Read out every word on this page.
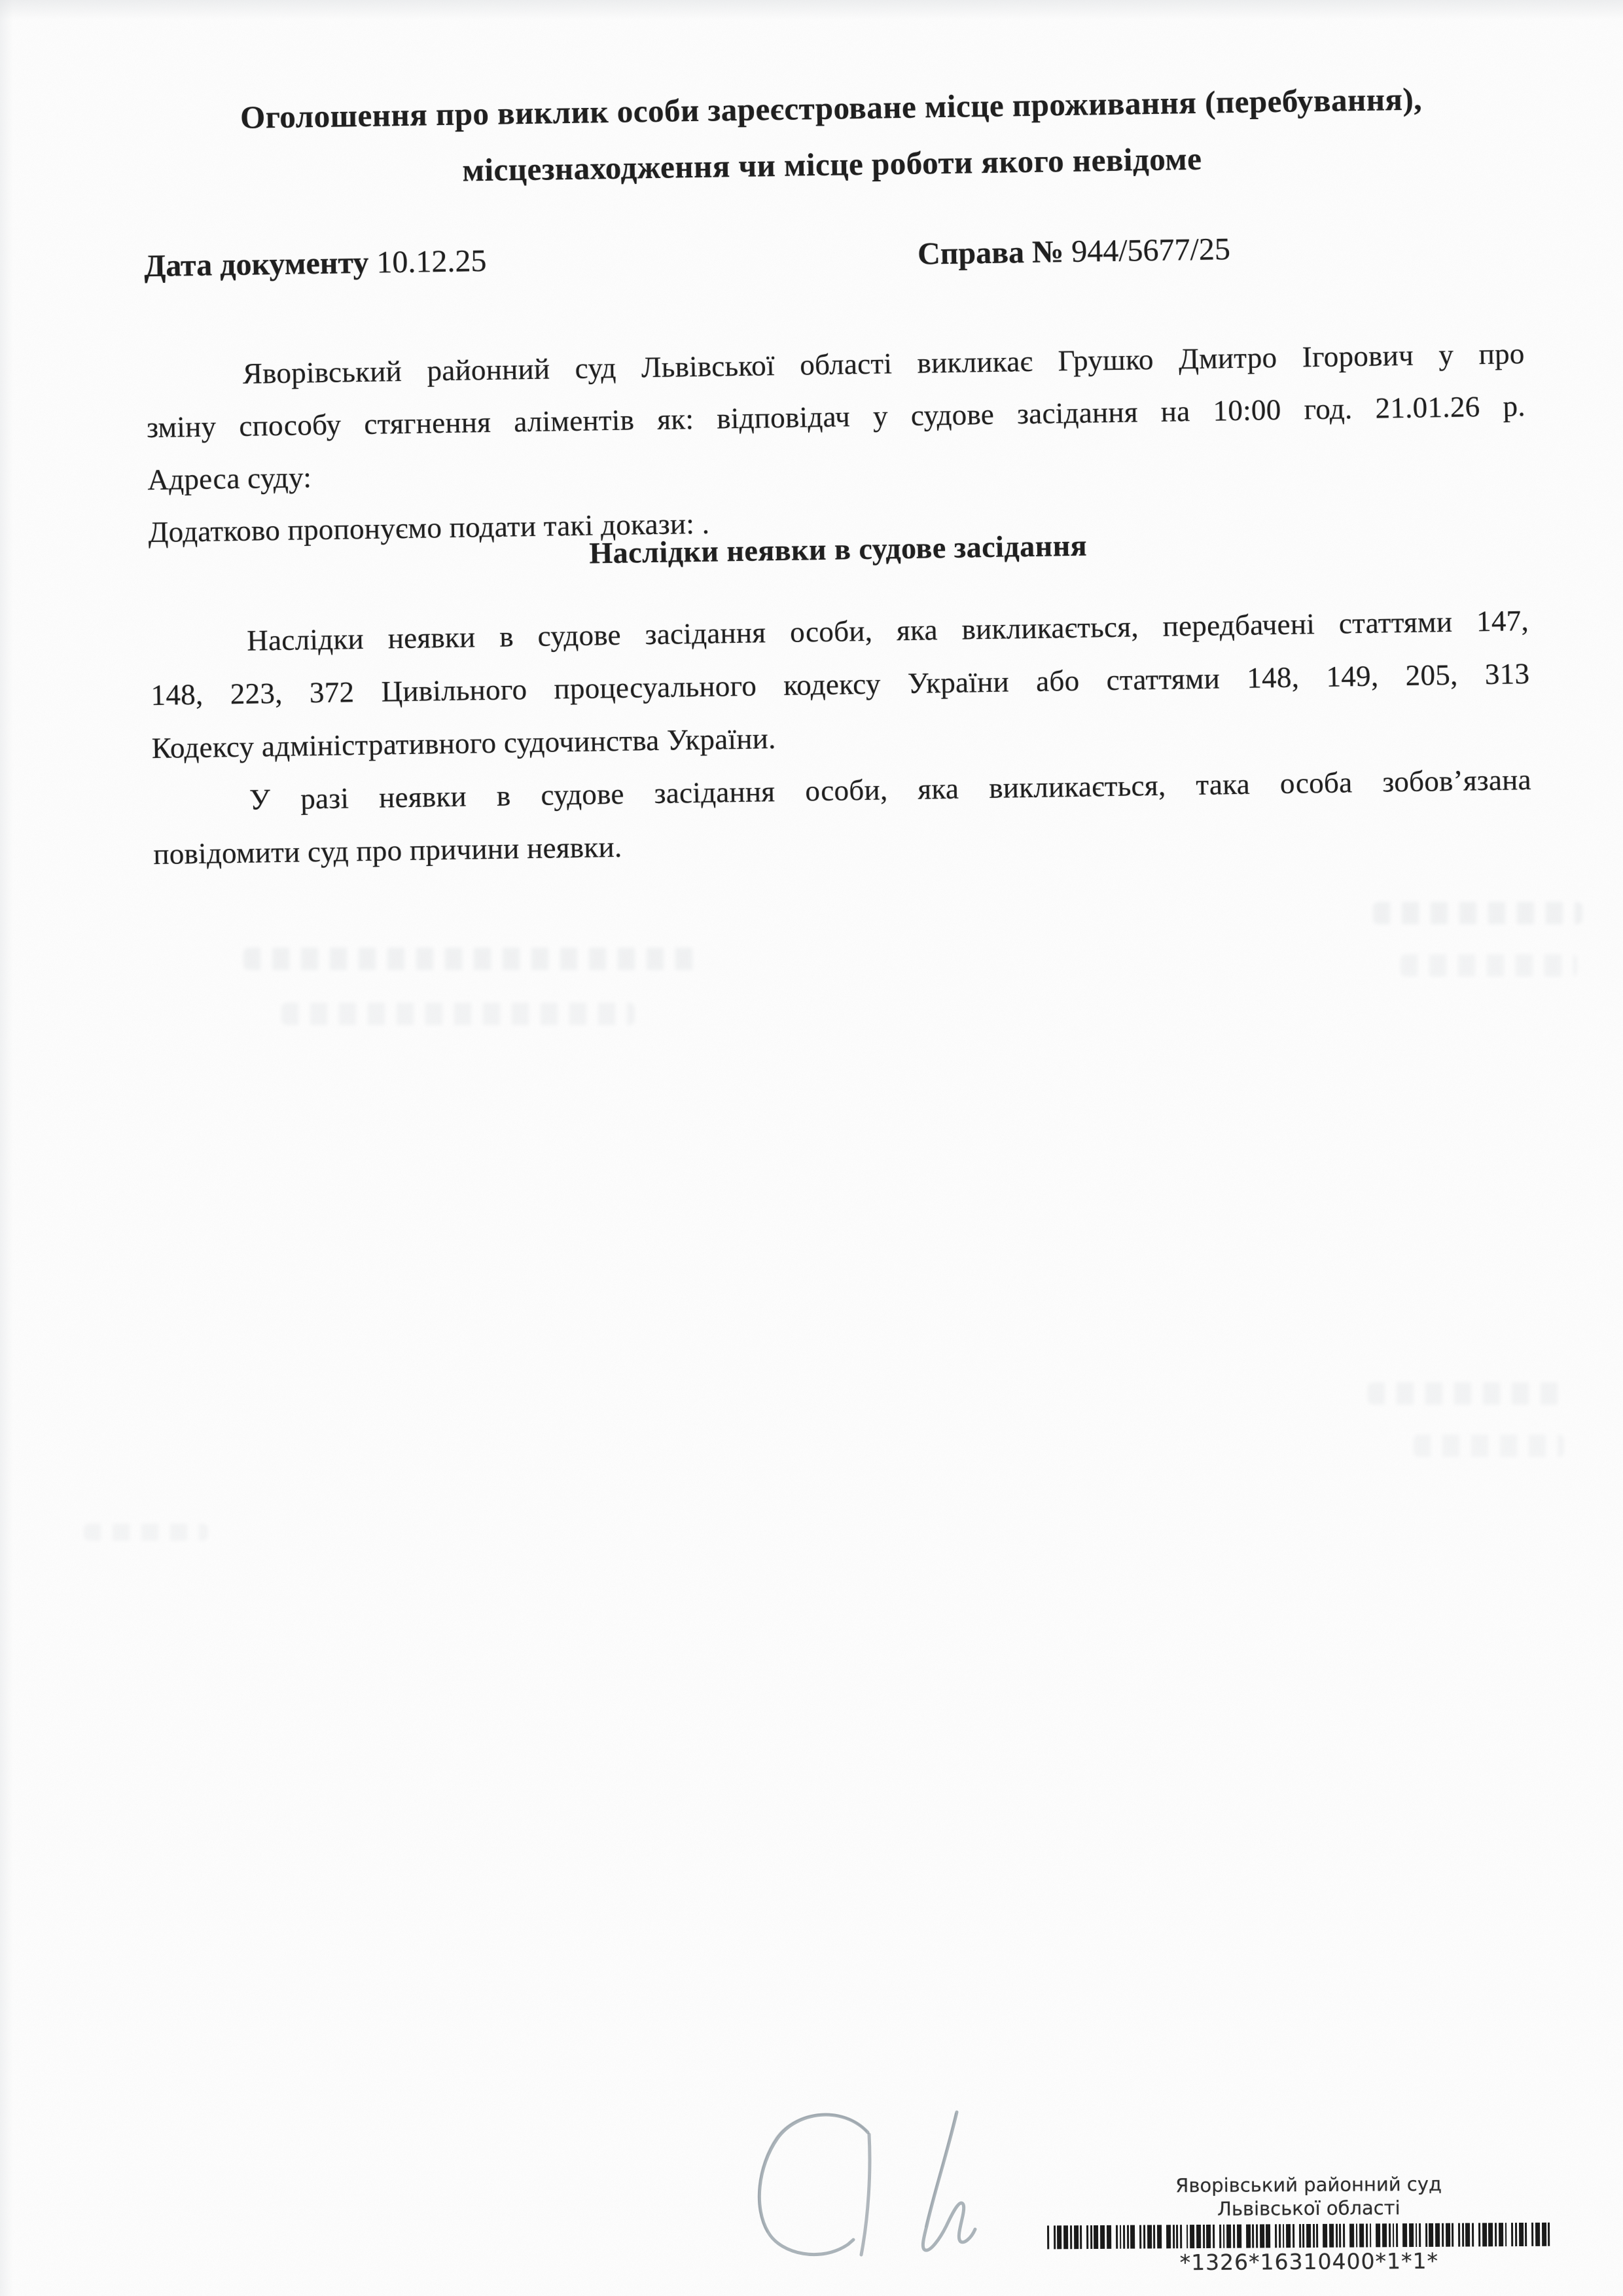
Оголошення про виклик особи зареєстроване місце проживання (перебування),
місцезнаходження чи місце роботи якого невідоме
Дата документу 10.12.25	Справа № 944/5677/25
Яворівський районний суд Львівської області викликає Грушко Дмитро Ігорович у про
зміну способу стягнення аліментів як: відповідач у судове засідання на 10:00 год. 21.01.26 р.
Адреса суду:
Додатково пропонуємо подати такі докази: .
Наслідки неявки в судове засідання
Наслідки неявки в судове засідання особи, яка викликається, передбачені статтями 147,
148, 223, 372 Цивільного процесуального кодексу України або статтями 148, 149, 205, 313
Кодексу адміністративного судочинства України.
У разі неявки в судове засідання особи, яка викликається, така особа зобов’язана
повідомити суд про причини неявки.
Яворівський районний суд
Львівської області
*1326*16310400*1*1*
